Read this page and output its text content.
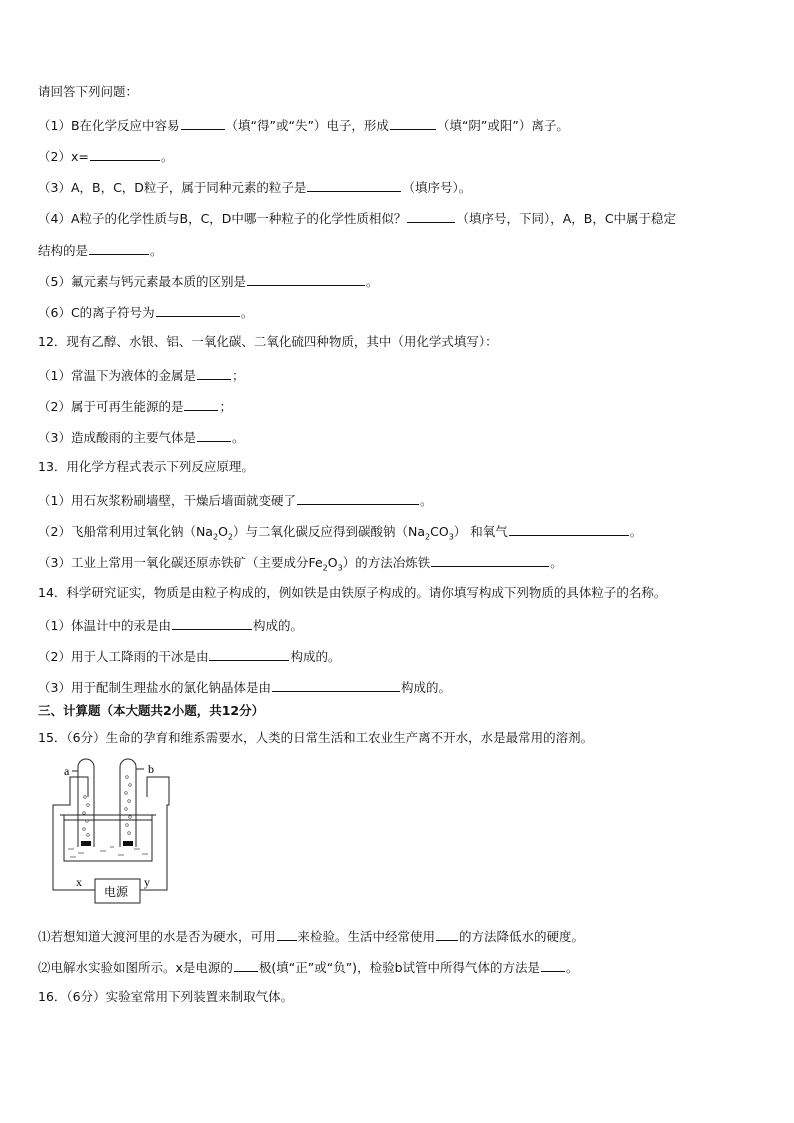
请回答下列问题：
（1）B在化学反应中容易	（填“得”或“失”）电子，形成	（填“阴”或阳”）离子。
（2）x=	。
（3）A，B，C，D粒子，属于同种元素的粒子是	（填序号）。
（4）A粒子的化学性质与B，C，D中哪一种粒子的化学性质相似？	（填序号，下同），A，B，C中属于稳定
结构的是	。
（5）氟元素与钙元素最本质的区别是	。
（6）C的离子符号为	。
12．现有乙醇、水银、铝、一氧化碳、二氧化硫四种物质，其中（用化学式填写）：
（1）常温下为液体的金属是	；
（2）属于可再生能源的是	；
（3）造成酸雨的主要气体是	。
13．用化学方程式表示下列反应原理。
（1）用石灰浆粉刷墙壁，干燥后墙面就变硬了	。
（2）飞船常利用过氧化钠$(Na_2O_2)$与二氧化碳反应得到碳酸钠$(Na_2CO_3)$ 和氧气	。
（3）工业上常用一氧化碳还原赤铁矿（主要成分$Fe_2O_3$）的方法冶炼铁	。
14．科学研究证实，物质是由粒子构成的，例如铁是由铁原子构成的。请你填写构成下列物质的具体粒子的名称。
（1）体温计中的汞是由	构成的。
（2）用于人工降雨的干冰是由	构成的。
（3）用于配制生理盐水的氯化钠晶体是由	构成的。
三、计算题（本大题共2小题，共12分）
15．（6分）生命的孕育和维系需要水，人类的日常生活和工农业生产离不开水，水是最常用的溶剂。
a	b
x	y
电源
⑴若想知道大渡河里的水是否为硬水，可用 来检验。生活中经常使用 的方法降低水的硬度。
⑵电解水实验如图所示。x是电源的 极(填“正”或“负”)，检验b试管中所得气体的方法是 。
16．（6分）实验室常用下列装置来制取气体。
